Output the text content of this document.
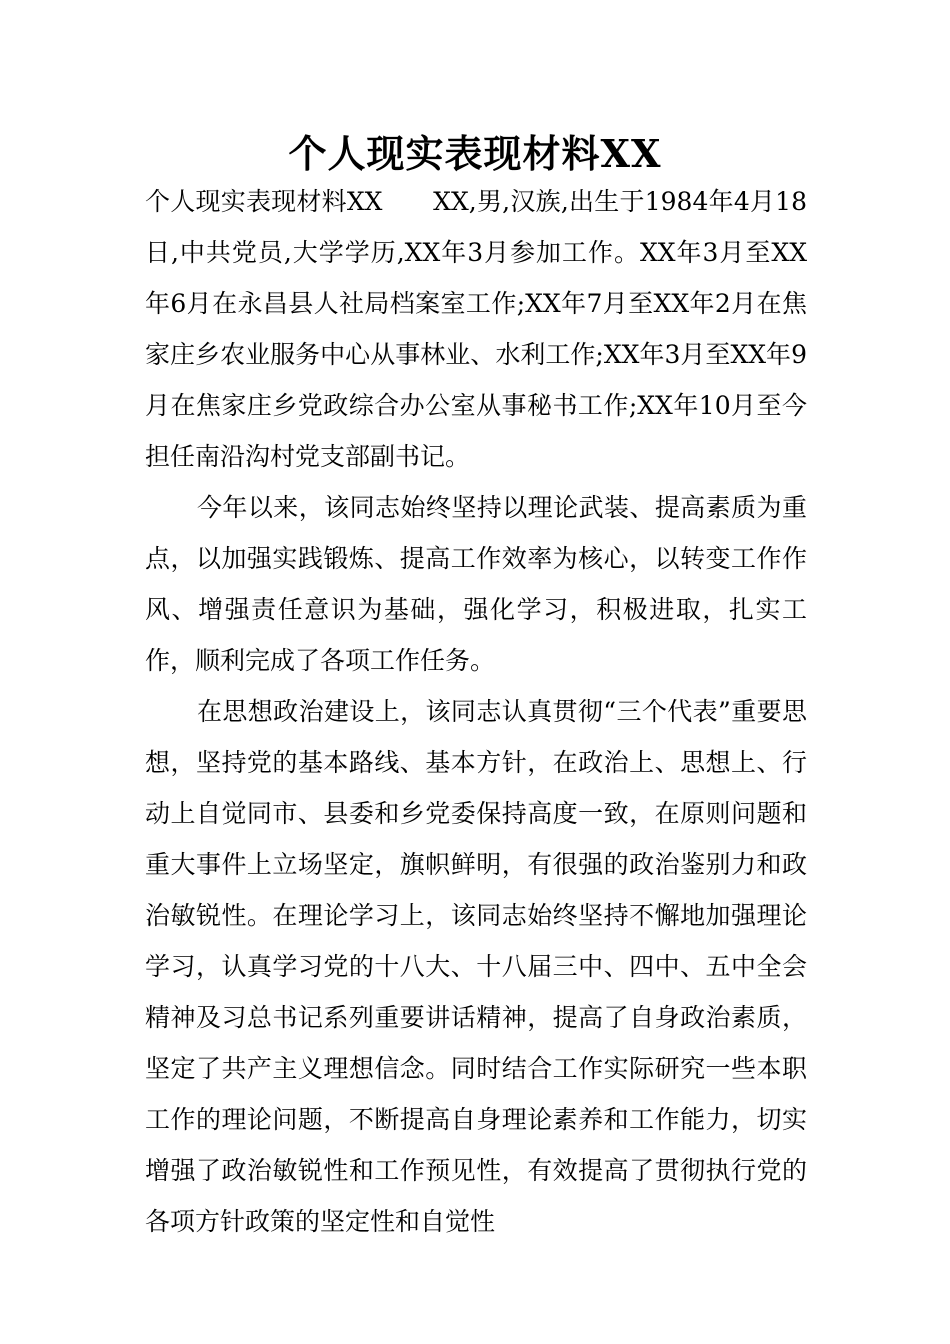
个人现实表现材料XX

个人现实表现材料XX　　XX,男,汉族,出生于1984年4月18日,中共党员,大学学历,XX年3月参加工作。XX年3月至XX年6月在永昌县人社局档案室工作;XX年7月至XX年2月在焦家庄乡农业服务中心从事林业、水利工作;XX年3月至XX年9月在焦家庄乡党政综合办公室从事秘书工作;XX年10月至今担任南沿沟村党支部副书记。

今年以来，该同志始终坚持以理论武装、提高素质为重点，以加强实践锻炼、提高工作效率为核心，以转变工作作风、增强责任意识为基础，强化学习，积极进取，扎实工作，顺利完成了各项工作任务。

在思想政治建设上，该同志认真贯彻“三个代表”重要思想，坚持党的基本路线、基本方针，在政治上、思想上、行动上自觉同市、县委和乡党委保持高度一致，在原则问题和重大事件上立场坚定，旗帜鲜明，有很强的政治鉴别力和政治敏锐性。在理论学习上，该同志始终坚持不懈地加强理论学习，认真学习党的十八大、十八届三中、四中、五中全会精神及习总书记系列重要讲话精神，提高了自身政治素质，坚定了共产主义理想信念。同时结合工作实际研究一些本职工作的理论问题，不断提高自身理论素养和工作能力，切实增强了政治敏锐性和工作预见性，有效提高了贯彻执行党的各项方针政策的坚定性和自觉性
